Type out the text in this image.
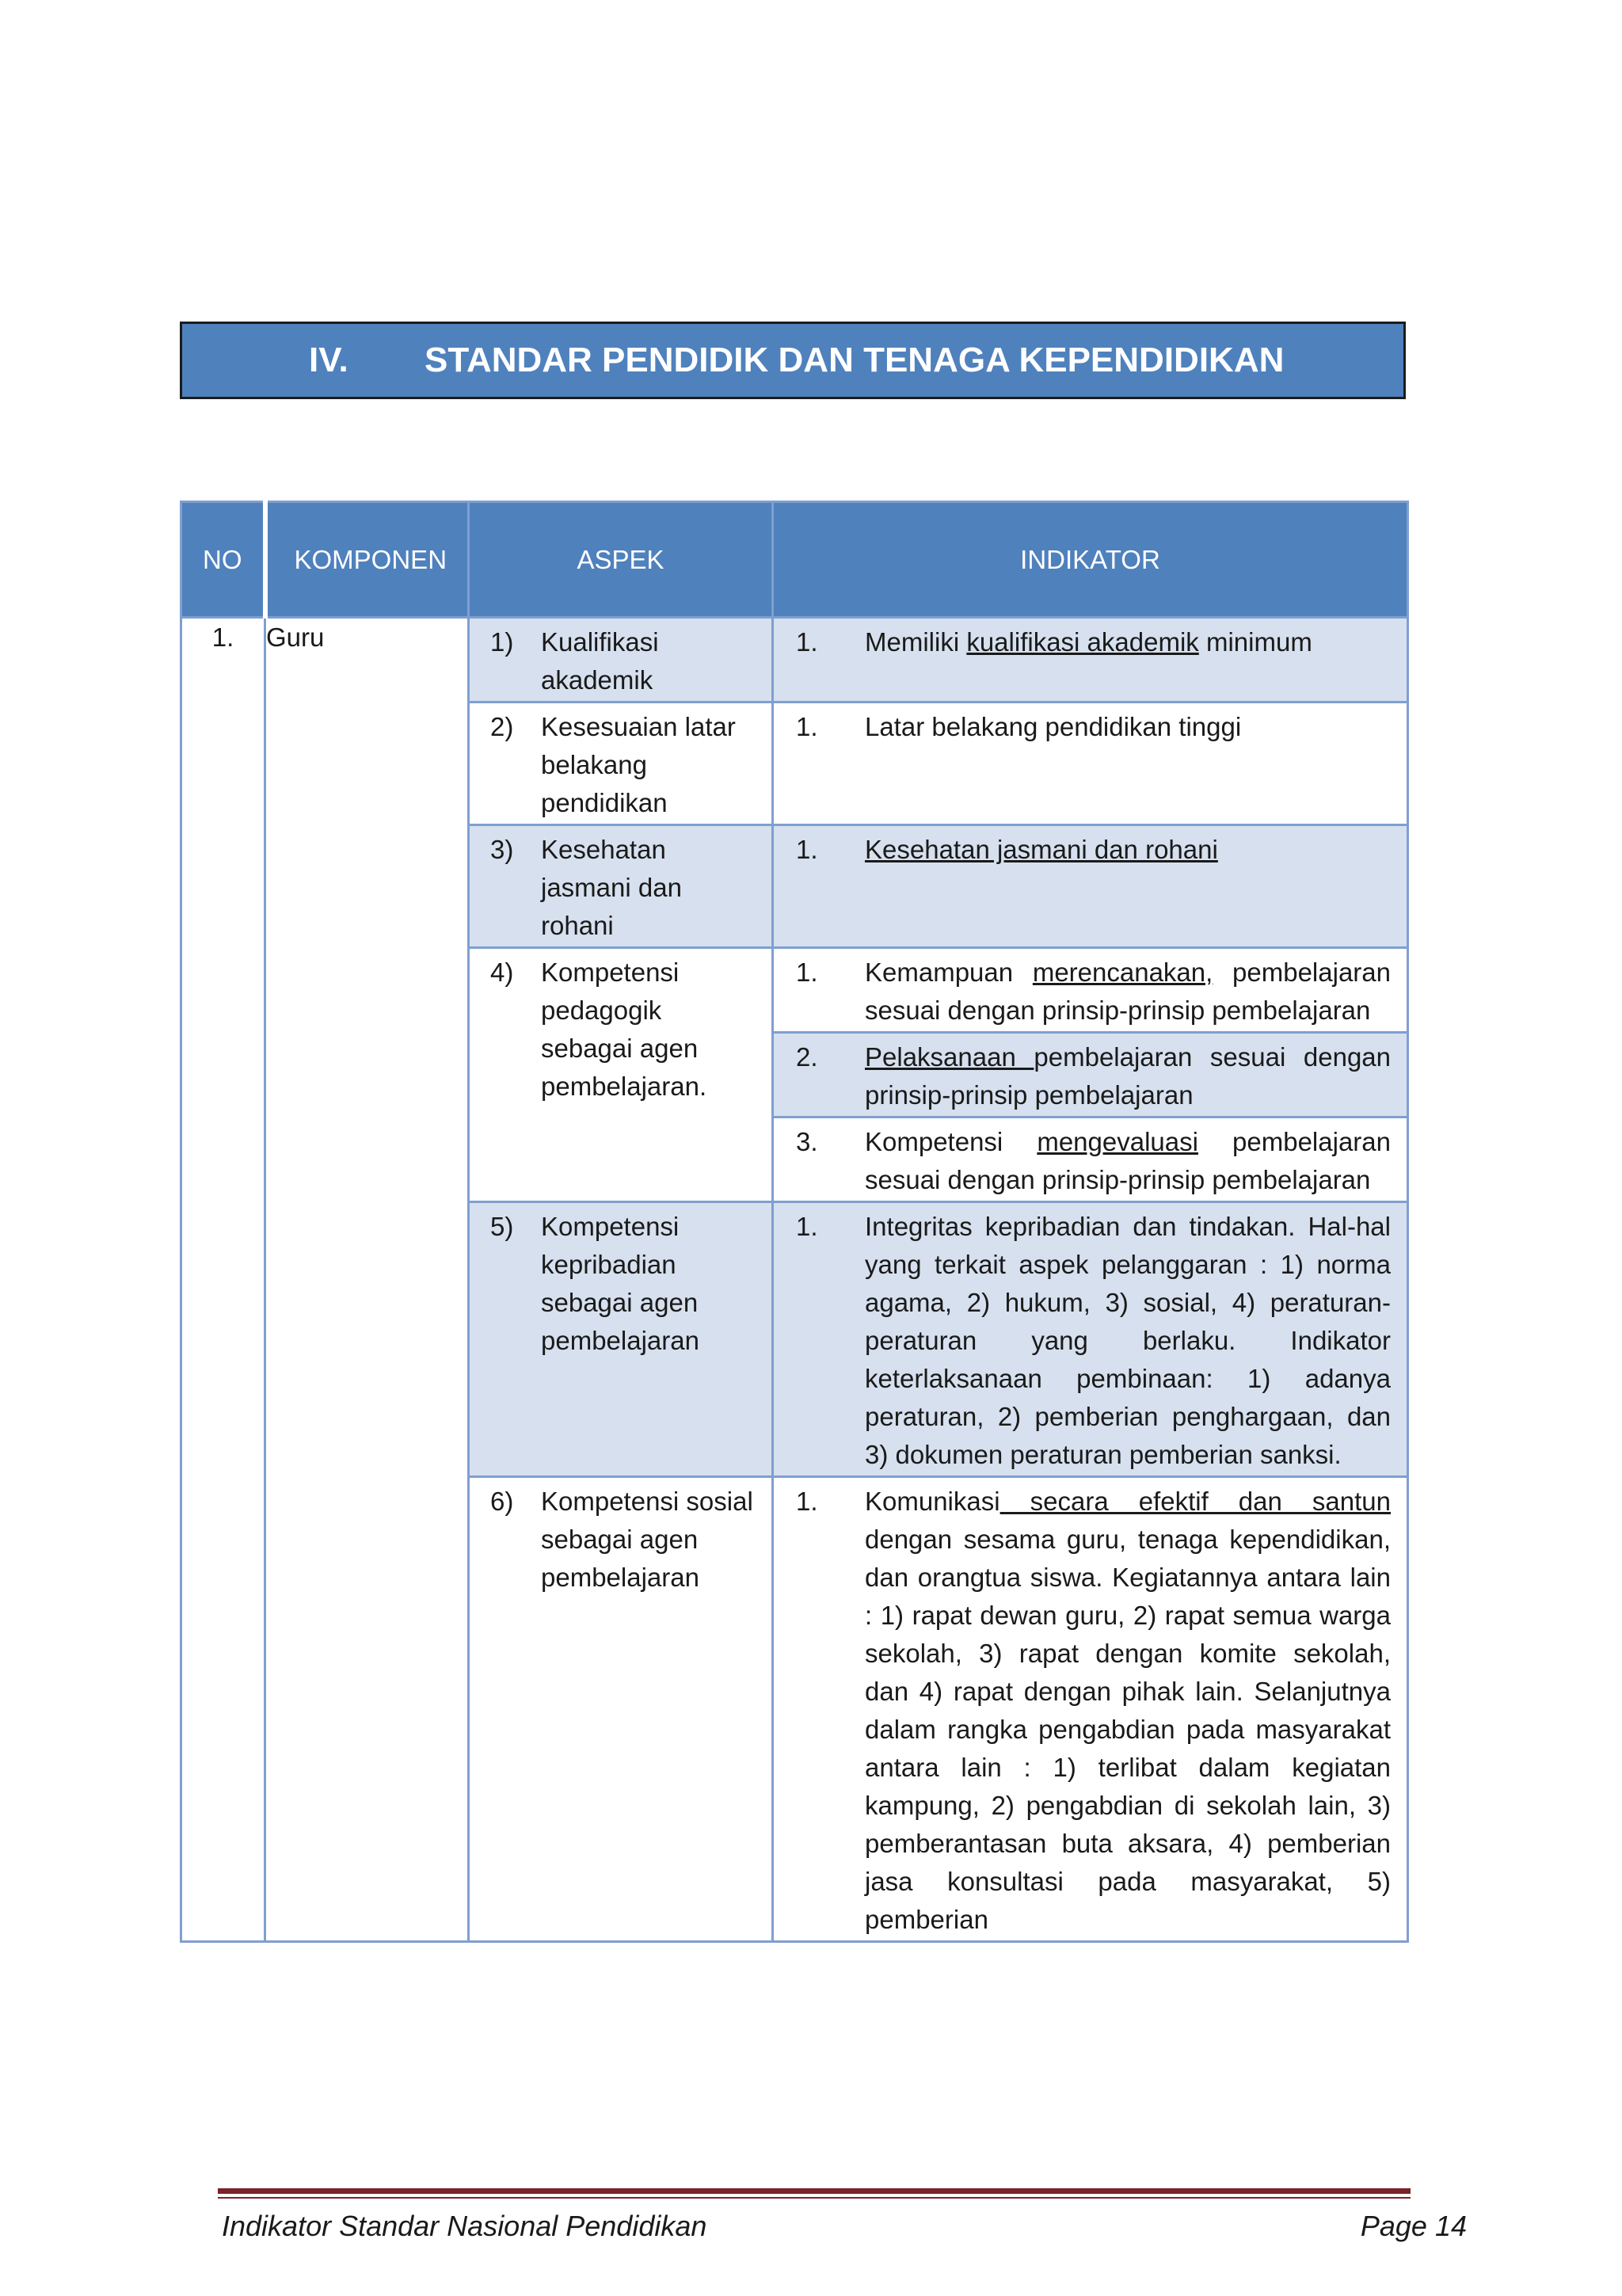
IV. STANDAR PENDIDIK DAN TENAGA KEPENDIDIKAN
NO	KOMPONEN	ASPEK	INDIKATOR
1.	Guru	1) Kualifikasi akademik	1. Memiliki kualifikasi akademik minimum

		2) Kesesuaian latar belakang pendidikan	1. Latar belakang pendidikan tinggi

		3) Kesehatan jasmani dan rohani	1. Kesehatan jasmani dan rohani

		4) Kompetensi pedagogik sebagai agen pembelajaran.	1. Kemampuan merencanakan, pembelajaran sesuai dengan prinsip-prinsip pembelajaran

			2. Pelaksanaan pembelajaran sesuai dengan prinsip-prinsip pembelajaran

			3. Kompetensi mengevaluasi pembelajaran sesuai dengan prinsip-prinsip pembelajaran

		5) Kompetensi kepribadian sebagai agen pembelajaran	1. Integritas kepribadian dan tindakan. Hal-hal yang terkait aspek pelanggaran : 1) norma agama, 2) hukum, 3) sosial, 4) peraturan-peraturan yang berlaku. Indikator keterlaksanaan pembinaan: 1) adanya peraturan, 2) pemberian penghargaan, dan 3) dokumen peraturan pemberian sanksi.

		6) Kompetensi sosial sebagai agen pembelajaran	1. Komunikasi secara efektif dan santun dengan sesama guru, tenaga kependidikan, dan orangtua siswa. Kegiatannya antara lain : 1) rapat dewan guru, 2) rapat semua warga sekolah, 3) rapat dengan komite sekolah, dan 4) rapat dengan pihak lain. Selanjutnya dalam rangka pengabdian pada masyarakat antara lain : 1) terlibat dalam kegiatan kampung, 2) pengabdian di sekolah lain, 3) pemberantasan buta aksara, 4) pemberian jasa konsultasi pada masyarakat, 5) pemberian
Indikator Standar Nasional Pendidikan	Page 14
